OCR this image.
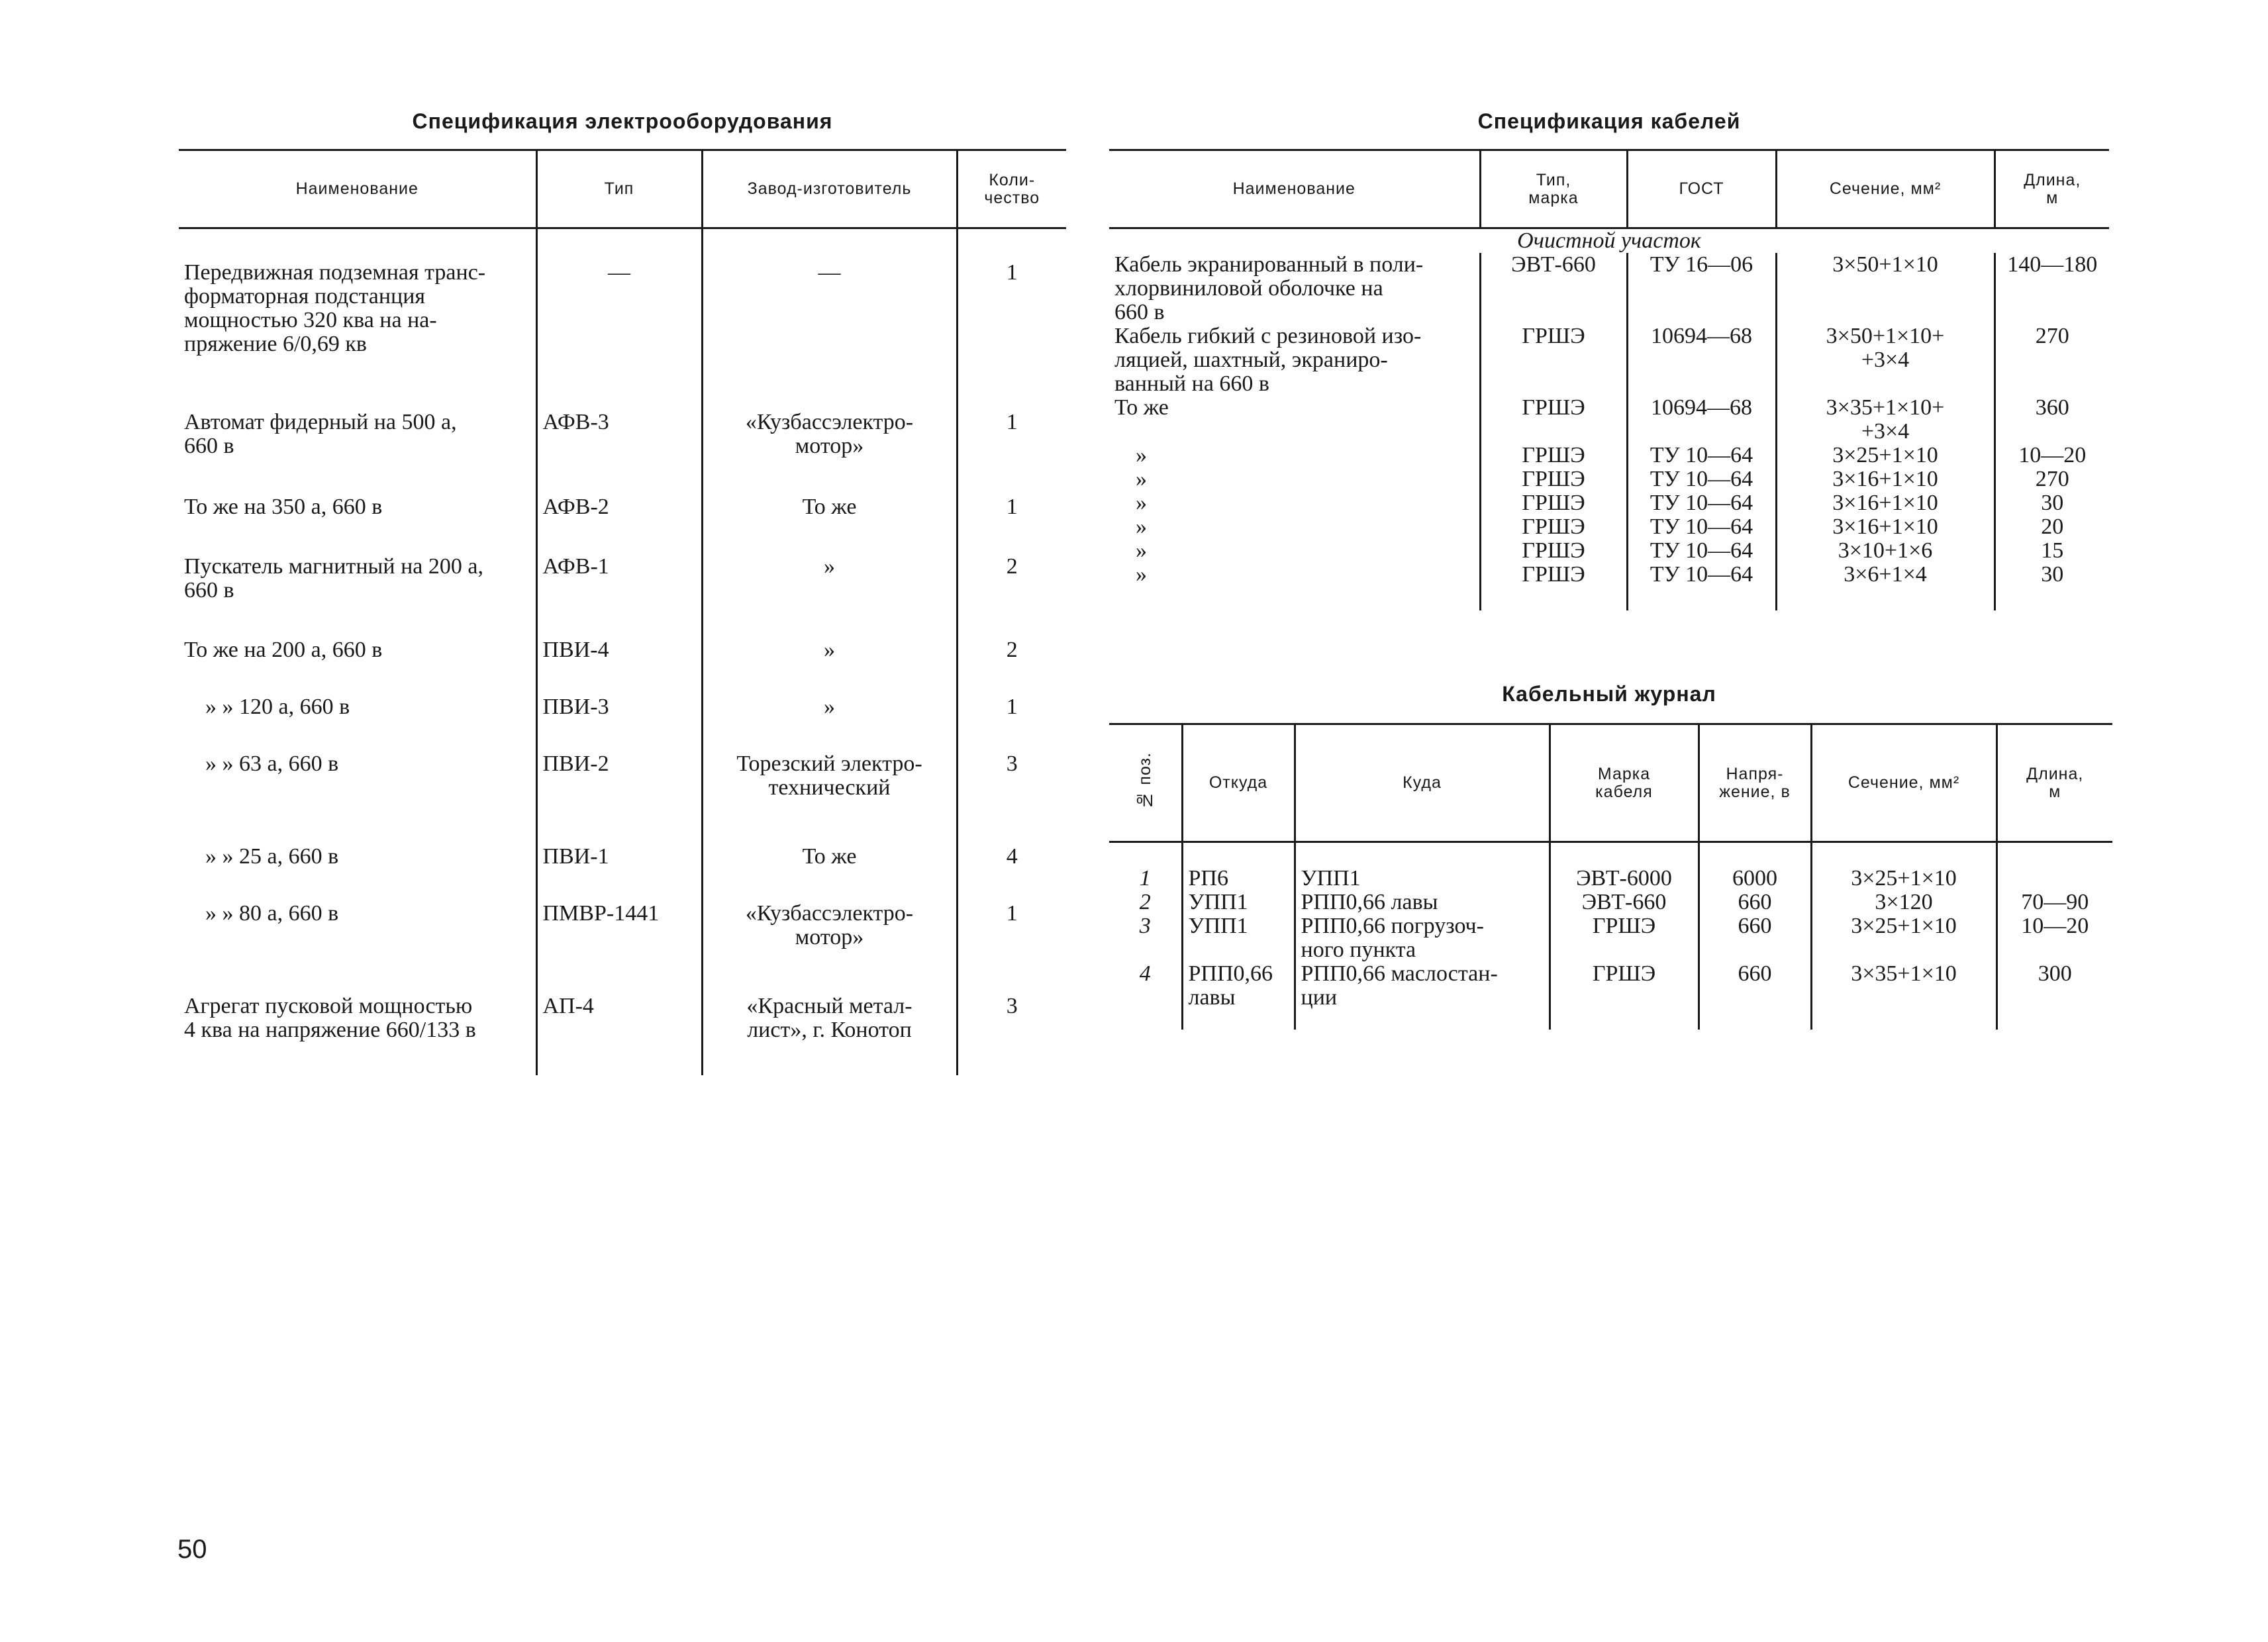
Спецификация электрооборудования
Наименование	Тип	Завод-изготовитель	Коли-
чество
Передвижная подземная транс-
форматорная подстанция
мощностью 320 ква на на-
пряжение 6/0,69 кв	—	—	1
Автомат фидерный на 500 а,
660 в	АФВ-3	«Кузбассэлектро-
мотор»	1
То же на 350 а, 660 в	АФВ-2	То же	1
Пускатель магнитный на 200 а,
660 в	АФВ-1	»	2
То же на 200 а, 660 в	ПВИ-4	»	2
» » 120 а, 660 в	ПВИ-3	»	1
» » 63 а, 660 в	ПВИ-2	Торезский электро-
технический	3
» » 25 а, 660 в	ПВИ-1	То же	4
» » 80 а, 660 в	ПМВР-1441	«Кузбассэлектро-
мотор»	1
Агрегат пусковой мощностью
4 ква на напряжение 660/133 в	АП-4	«Красный метал-
лист», г. Конотоп	3
Спецификация кабелей
Наименование	Тип,
марка	ГОСТ	Сечение, мм²	Длина,
м
Очистной участок				
Кабель экранированный в поли-
хлорвиниловой оболочке на
660 в	ЭВТ-660	ТУ 16—06	3×50+1×10	140—180
Кабель гибкий с резиновой изо-
ляцией, шахтный, экраниро-
ванный на 660 в	ГРШЭ	10694—68	3×50+1×10+
+3×4	270
То же	ГРШЭ	10694—68	3×35+1×10+
+3×4	360
»	ГРШЭ	ТУ 10—64	3×25+1×10	10—20
»	ГРШЭ	ТУ 10—64	3×16+1×10	270
»	ГРШЭ	ТУ 10—64	3×16+1×10	30
»	ГРШЭ	ТУ 10—64	3×16+1×10	20
»	ГРШЭ	ТУ 10—64	3×10+1×6	15
»	ГРШЭ	ТУ 10—64	3×6+1×4	30
Кабельный журнал
№ поз.	Откуда	Куда	Марка
кабеля	Напря-
жение, в	Сечение, мм²	Длина,
м
1	РП6	УПП1	ЭВТ-6000	6000	3×25+1×10	
2	УПП1	РПП0,66 лавы	ЭВТ-660	660	3×120	70—90
3	УПП1	РПП0,66 погрузоч-
ного пункта	ГРШЭ	660	3×25+1×10	10—20
4	РПП0,66
лавы	РПП0,66 маслостан-
ции	ГРШЭ	660	3×35+1×10	300
50
